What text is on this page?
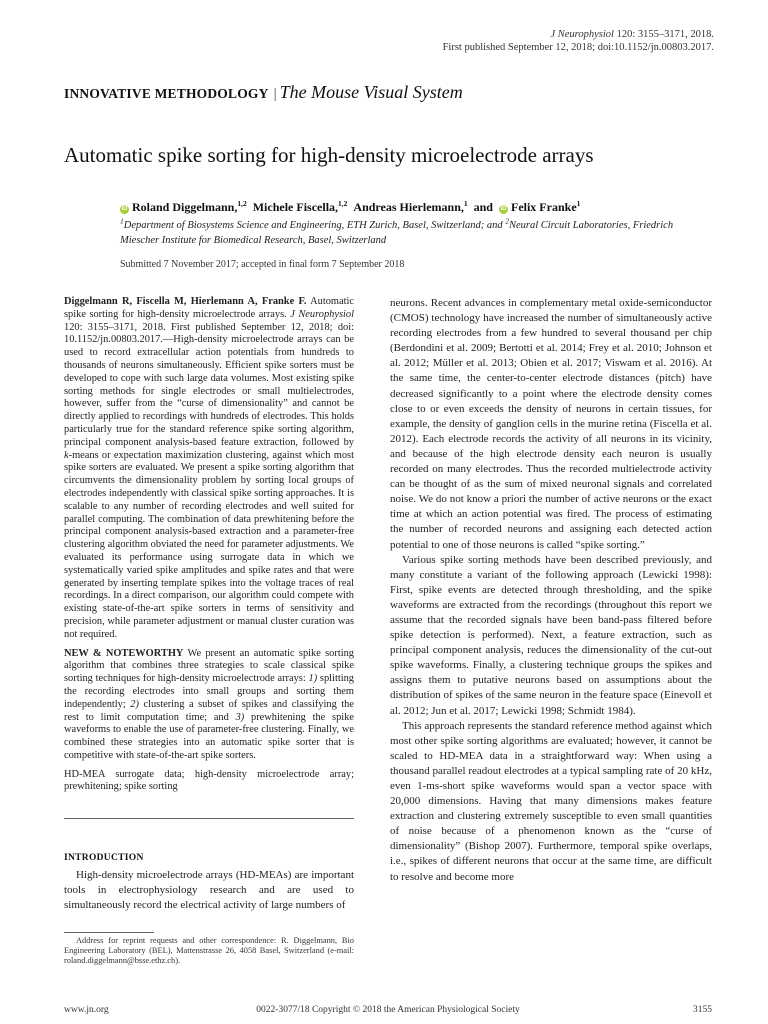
J Neurophysiol 120: 3155–3171, 2018.
First published September 12, 2018; doi:10.1152/jn.00803.2017.
INNOVATIVE METHODOLOGY | The Mouse Visual System
Automatic spike sorting for high-density microelectrode arrays
iD Roland Diggelmann,$^{1,2}$ Michele Fiscella,$^{1,2}$ Andreas Hierlemann,$^1$ and iD Felix Franke$^1$
$^1$Department of Biosystems Science and Engineering, ETH Zurich, Basel, Switzerland; and $^2$Neural Circuit Laboratories, Friedrich Miescher Institute for Biomedical Research, Basel, Switzerland
Submitted 7 November 2017; accepted in final form 7 September 2018

Diggelmann R, Fiscella M, Hierlemann A, Franke F. Automatic spike sorting for high-density microelectrode arrays. J Neurophysiol 120: 3155–3171, 2018. First published September 12, 2018; doi: 10.1152/jn.00803.2017.—High-density microelectrode arrays can be used to record extracellular action potentials from hundreds to thousands of neurons simultaneously. Efficient spike sorters must be developed to cope with such large data volumes. Most existing spike sorting methods for single electrodes or small multielectrodes, however, suffer from the “curse of dimensionality” and cannot be directly applied to recordings with hundreds of electrodes. This holds particularly true for the standard reference spike sorting algorithm, principal component analysis-based feature extraction, followed by k-means or expectation maximization clustering, against which most spike sorters are evaluated. We present a spike sorting algorithm that circumvents the dimensionality problem by sorting local groups of electrodes independently with classical spike sorting approaches. It is scalable to any number of recording electrodes and well suited for parallel computing. The combination of data prewhitening before the principal component analysis-based extraction and a parameter-free clustering algorithm obviated the need for parameter adjustments. We evaluated its performance using surrogate data in which we systematically varied spike amplitudes and spike rates and that were generated by inserting template spikes into the voltage traces of real recordings. In a direct comparison, our algorithm could compete with existing state-of-the-art spike sorters in terms of sensitivity and precision, while parameter adjustment or manual cluster curation was not required.

NEW & NOTEWORTHY We present an automatic spike sorting algorithm that combines three strategies to scale classical spike sorting techniques for high-density microelectrode arrays: 1) splitting the recording electrodes into small groups and sorting them independently; 2) clustering a subset of spikes and classifying the rest to limit computation time; and 3) prewhitening the spike waveforms to enable the use of parameter-free clustering. Finally, we combined these strategies into an automatic spike sorter that is competitive with state-of-the-art spike sorters.

HD-MEA surrogate data; high-density microelectrode array; prewhitening; spike sorting

INTRODUCTION

High-density microelectrode arrays (HD-MEAs) are important tools in electrophysiology research and are used to simultaneously record the electrical activity of large numbers of

Address for reprint requests and other correspondence: R. Diggelmann, Bio Engineering Laboratory (BEL), Mattenstrasse 26, 4058 Basel, Switzerland (e-mail: roland.diggelmann@bsse.ethz.ch).

neurons. Recent advances in complementary metal oxide-semiconductor (CMOS) technology have increased the number of simultaneously active recording electrodes from a few hundred to several thousand per chip (Berdondini et al. 2009; Bertotti et al. 2014; Frey et al. 2010; Johnson et al. 2012; Müller et al. 2013; Obien et al. 2017; Viswam et al. 2016). At the same time, the center-to-center electrode distances (pitch) have decreased significantly to a point where the electrode density comes close to or even exceeds the density of neurons in certain tissues, for example, the density of ganglion cells in the murine retina (Fiscella et al. 2012). Each electrode records the activity of all neurons in its vicinity, and because of the high electrode density each neuron is usually recorded on many electrodes. Thus the recorded multielectrode activity can be thought of as the sum of mixed neuronal signals and correlated noise. We do not know a priori the number of active neurons or the exact time at which an action potential was fired. The process of estimating the number of recorded neurons and assigning each detected action potential to one of those neurons is called “spike sorting.”

Various spike sorting methods have been described previously, and many constitute a variant of the following approach (Lewicki 1998): First, spike events are detected through thresholding, and the spike waveforms are extracted from the recordings (throughout this report we assume that the recorded signals have been band-pass filtered before spike detection is performed). Next, a feature extraction, such as principal component analysis, reduces the dimensionality of the cut-out spike waveforms. Finally, a clustering technique groups the spikes and assigns them to putative neurons based on assumptions about the distribution of spikes of the same neuron in the feature space (Einevoll et al. 2012; Jun et al. 2017; Lewicki 1998; Schmidt 1984).

This approach represents the standard reference method against which most other spike sorting algorithms are evaluated; however, it cannot be scaled to HD-MEA data in a straightforward way: When using a thousand parallel readout electrodes at a typical sampling rate of 20 kHz, even 1-ms-short spike waveforms would span a vector space with 20,000 dimensions. Having that many dimensions makes feature extraction and clustering extremely susceptible to even small quantities of noise because of a phenomenon known as the “curse of dimensionality” (Bishop 2007). Furthermore, temporal spike overlaps, i.e., spikes of different neurons that occur at the same time, are difficult to resolve and become more

www.jn.org	0022-3077/18 Copyright © 2018 the American Physiological Society	3155
